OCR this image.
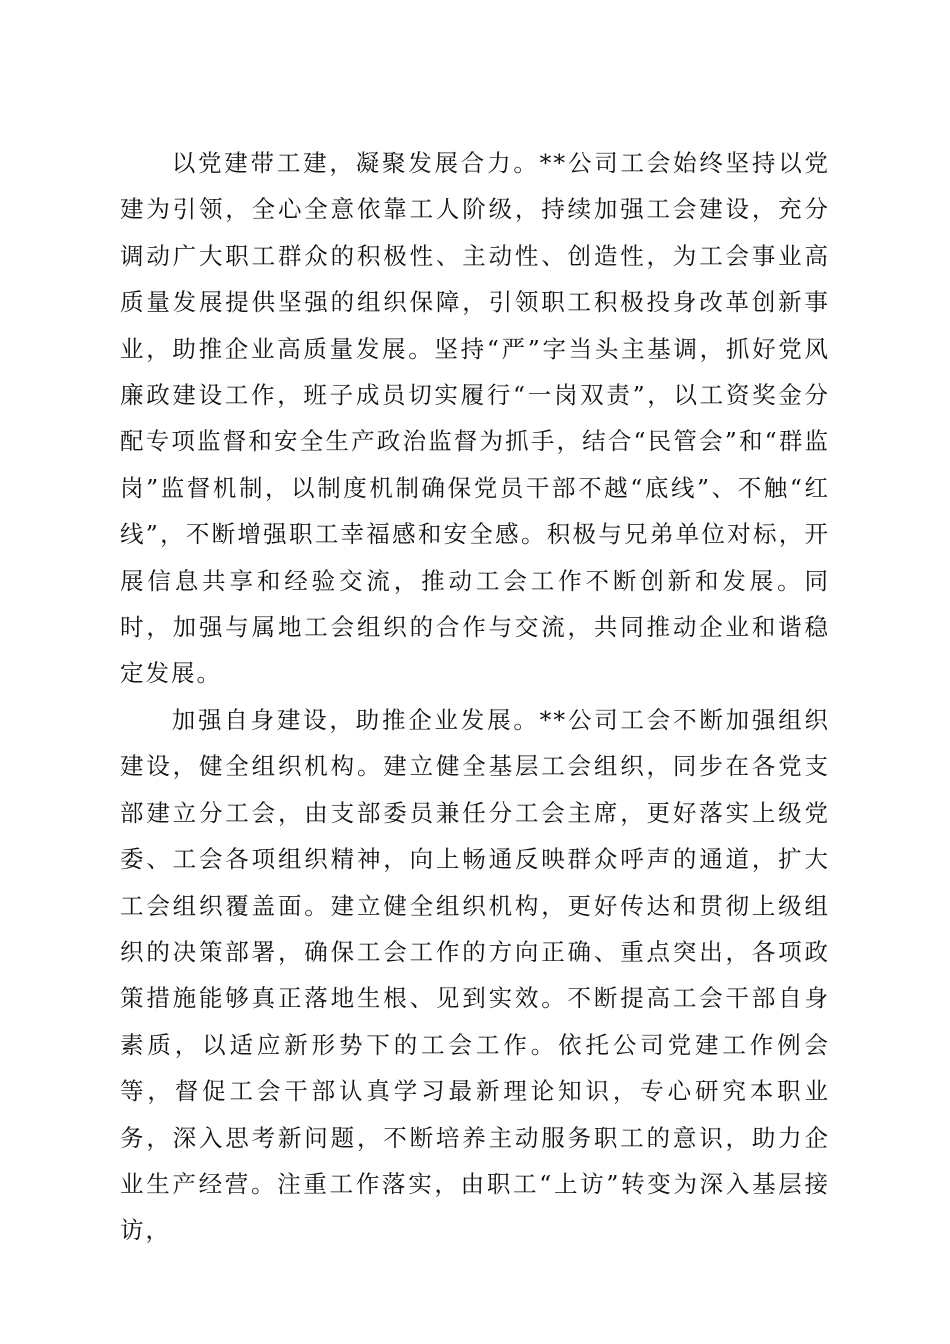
以党建带工建，凝聚发展合力。**公司工会始终坚持以党建为引领，全心全意依靠工人阶级，持续加强工会建设，充分调动广大职工群众的积极性、主动性、创造性，为工会事业高质量发展提供坚强的组织保障，引领职工积极投身改革创新事业，助推企业高质量发展。坚持“严”字当头主基调，抓好党风廉政建设工作，班子成员切实履行“一岗双责”，以工资奖金分配专项监督和安全生产政治监督为抓手，结合“民管会”和“群监岗”监督机制，以制度机制确保党员干部不越“底线”、不触“红线”，不断增强职工幸福感和安全感。积极与兄弟单位对标，开展信息共享和经验交流，推动工会工作不断创新和发展。同时，加强与属地工会组织的合作与交流，共同推动企业和谐稳定发展。

加强自身建设，助推企业发展。**公司工会不断加强组织建设，健全组织机构。建立健全基层工会组织，同步在各党支部建立分工会，由支部委员兼任分工会主席，更好落实上级党委、工会各项组织精神，向上畅通反映群众呼声的通道，扩大工会组织覆盖面。建立健全组织机构，更好传达和贯彻上级组织的决策部署，确保工会工作的方向正确、重点突出，各项政策措施能够真正落地生根、见到实效。不断提高工会干部自身素质，以适应新形势下的工会工作。依托公司党建工作例会等，督促工会干部认真学习最新理论知识，专心研究本职业务，深入思考新问题，不断培养主动服务职工的意识，助力企业生产经营。注重工作落实，由职工“上访”转变为深入基层接访，
